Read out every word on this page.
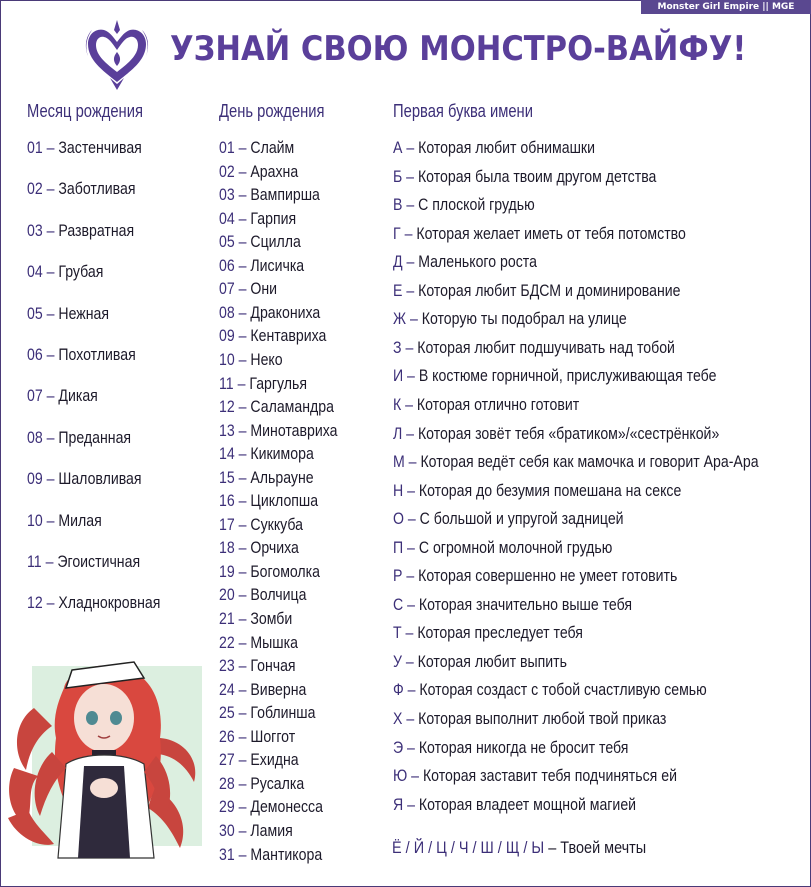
Monster Girl Empire || MGE Group
УЗНАЙ СВОЮ МОНСТРО-ВАЙФУ!
Месяц рождения	День рождения	Первая буква имени
01 – Застенчивая
02 – Заботливая
03 – Развратная
04 – Грубая
05 – Нежная
06 – Похотливая
07 – Дикая
08 – Преданная
09 – Шаловливая
10 – Милая
11 – Эгоистичная
12 – Хладнокровная
01 – Слайм
02 – Арахна
03 – Вампирша
04 – Гарпия
05 – Сцилла
06 – Лисичка
07 – Они
08 – Дракониха
09 – Кентавриха
10 – Неко
11 – Гаргулья
12 – Саламандра
13 – Минотавриха
14 – Кикимора
15 – Альрауне
16 – Циклопша
17 – Суккуба
18 – Орчиха
19 – Богомолка
20 – Волчица
21 – Зомби
22 – Мышка
23 – Гончая
24 – Виверна
25 – Гоблинша
26 – Шоггот
27 – Ехидна
28 – Русалка
29 – Демонесса
30 – Ламия
31 – Мантикора
А – Которая любит обнимашки
Б – Которая была твоим другом детства
В – С плоской грудью
Г – Которая желает иметь от тебя потомство
Д – Маленького роста
Е – Которая любит БДСМ и доминирование
Ж – Которую ты подобрал на улице
З – Которая любит подшучивать над тобой
И – В костюме горничной, прислуживающая тебе
К – Которая отлично готовит
Л – Которая зовёт тебя «братиком»/«сестрёнкой»
М – Которая ведёт себя как мамочка и говорит Ара-Ара
Н – Которая до безумия помешана на сексе
О – С большой и упругой задницей
П – С огромной молочной грудью
Р – Которая совершенно не умеет готовить
С – Которая значительно выше тебя
Т – Которая преследует тебя
У – Которая любит выпить
Ф – Которая создаст с тобой счастливую семью
Х – Которая выполнит любой твой приказ
Э – Которая никогда не бросит тебя
Ю – Которая заставит тебя подчиняться ей
Я – Которая владеет мощной магией
Ё / Й / Ц / Ч / Ш / Щ / Ы – Твоей мечты
